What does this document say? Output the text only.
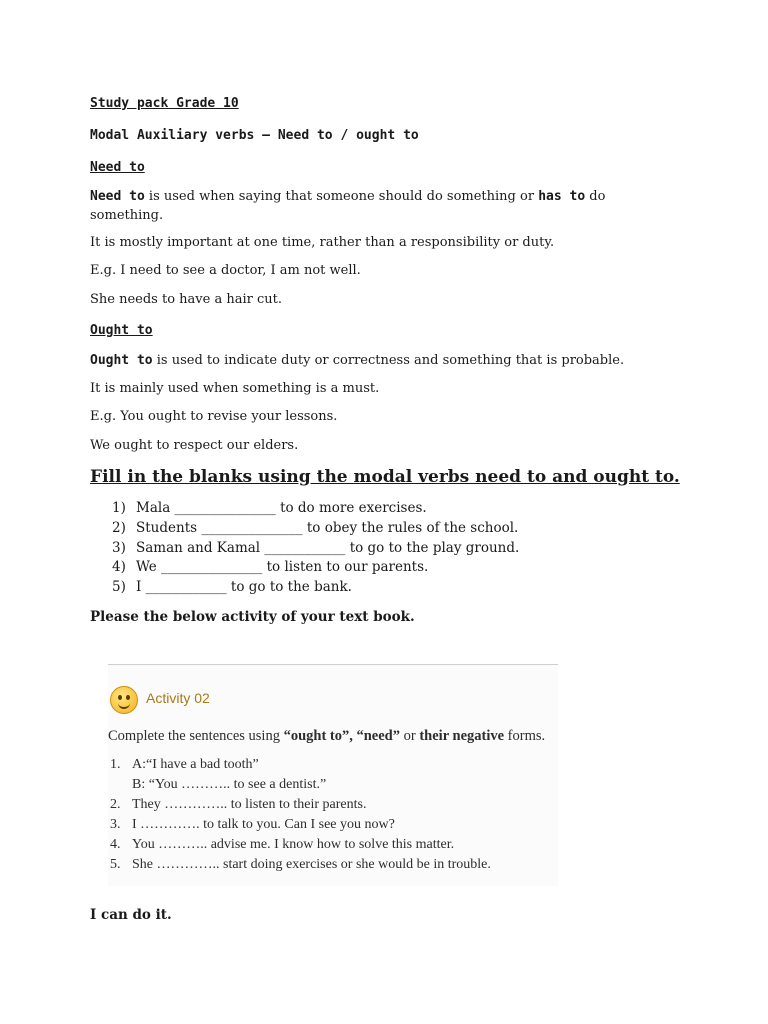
Study pack Grade 10
Modal Auxiliary verbs – Need to / ought to
Need to
Need to is used when saying that someone should do something or has to do
something.
It is mostly important at one time, rather than a responsibility or duty.
E.g. I need to see a doctor, I am not well.
She needs to have a hair cut.
Ought to
Ought to is used to indicate duty or correctness and something that is probable.
It is mainly used when something is a must.
E.g. You ought to revise your lessons.
We ought to respect our elders.
Fill in the blanks using the modal verbs need to and ought to.
1) Mala _______________ to do more exercises.
2) Students _______________ to obey the rules of the school.
3) Saman and Kamal ____________ to go to the play ground.
4) We _______________ to listen to our parents.
5) I ____________ to go to the bank.
Please the below activity of your text book.
I can do it.
Activity 02
Complete the sentences using “ought to”, “need” or their negative forms.
1. A:“I have a bad tooth”
B: “You ……….. to see a dentist.”
2. They ………….. to listen to their parents.
3. I …………. to talk to you. Can I see you now?
4. You ……….. advise me. I know how to solve this matter.
5. She ………….. start doing exercises or she would be in trouble.
